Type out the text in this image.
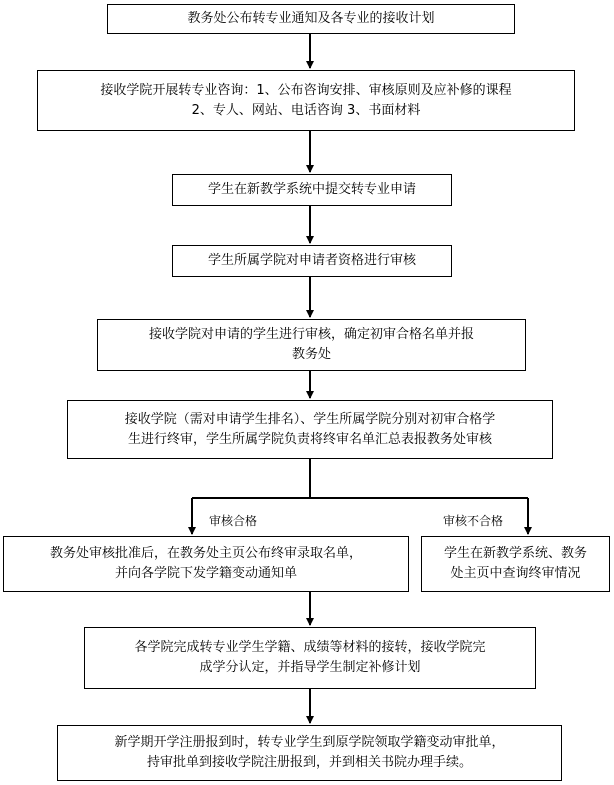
教务处公布转专业通知及各专业的接收计划
接收学院开展转专业咨询：1、公布咨询安排、审核原则及应补修的课程
2、专人、网站、电话咨询 3、书面材料
学生在新教学系统中提交转专业申请
学生所属学院对申请者资格进行审核
接收学院对申请的学生进行审核，确定初审合格名单并报
教务处
接收学院（需对申请学生排名）、学生所属学院分别对初审合格学
生进行终审，学生所属学院负责将终审名单汇总表报教务处审核
审核合格	审核不合格
教务处审核批准后，在教务处主页公布终审录取名单，
并向各学院下发学籍变动通知单
学生在新教学系统、教务
处主页中查询终审情况
各学院完成转专业学生学籍、成绩等材料的接转，接收学院完
成学分认定，并指导学生制定补修计划
新学期开学注册报到时，转专业学生到原学院领取学籍变动审批单，
持审批单到接收学院注册报到，并到相关书院办理手续。
